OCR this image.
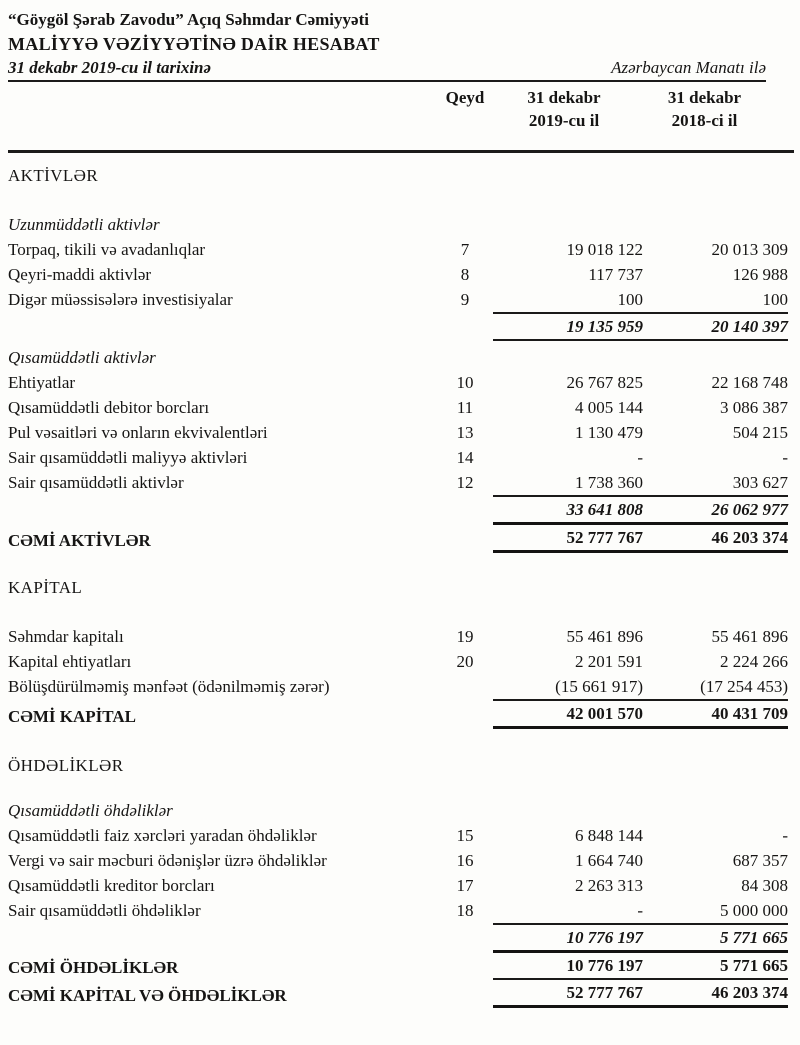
“Göygöl Şərab Zavodu” Açıq Səhmdar Cəmiyyəti
MALİYYƏ VƏZİYYƏTİNƏ DAİR HESABAT
31 dekabr 2019-cu il tarixinə	Azərbaycan Manatı ilə
Qeyd	31 dekabr
2019-cu il
31 dekabr
2018-ci il
AKTİVLƏR
Uzunmüddətli aktivlər
Torpaq, tikili və avadanlıqlar	7	19 018 122	20 013 309
Qeyri-maddi aktivlər	8	117 737	126 988
Digər müəssisələrə investisiyalar	9	100	100
19 135 959	20 140 397
Qısamüddətli aktivlər
Ehtiyatlar	10	26 767 825	22 168 748
Qısamüddətli debitor borcları	11	4 005 144	3 086 387
Pul vəsaitləri və onların ekvivalentləri	13	1 130 479	504 215
Sair qısamüddətli maliyyə aktivləri	14	-	-
Sair qısamüddətli aktivlər	12	1 738 360	303 627
33 641 808	26 062 977
CƏMİ AKTİVLƏR	52 777 767	46 203 374
KAPİTAL
Səhmdar kapitalı	19	55 461 896	55 461 896
Kapital ehtiyatları	20	2 201 591	2 224 266
Bölüşdürülməmiş mənfəət (ödənilməmiş zərər)	(15 661 917)	(17 254 453)
CƏMİ KAPİTAL	42 001 570	40 431 709
ÖHDƏLİKLƏR
Qısamüddətli öhdəliklər
Qısamüddətli faiz xərcləri yaradan öhdəliklər	15	6 848 144	-
Vergi və sair məcburi ödənişlər üzrə öhdəliklər	16	1 664 740	687 357
Qısamüddətli kreditor borcları	17	2 263 313	84 308
Sair qısamüddətli öhdəliklər	18	-	5 000 000
10 776 197	5 771 665
CƏMİ ÖHDƏLİKLƏR	10 776 197	5 771 665
CƏMİ KAPİTAL VƏ ÖHDƏLİKLƏR	52 777 767	46 203 374
